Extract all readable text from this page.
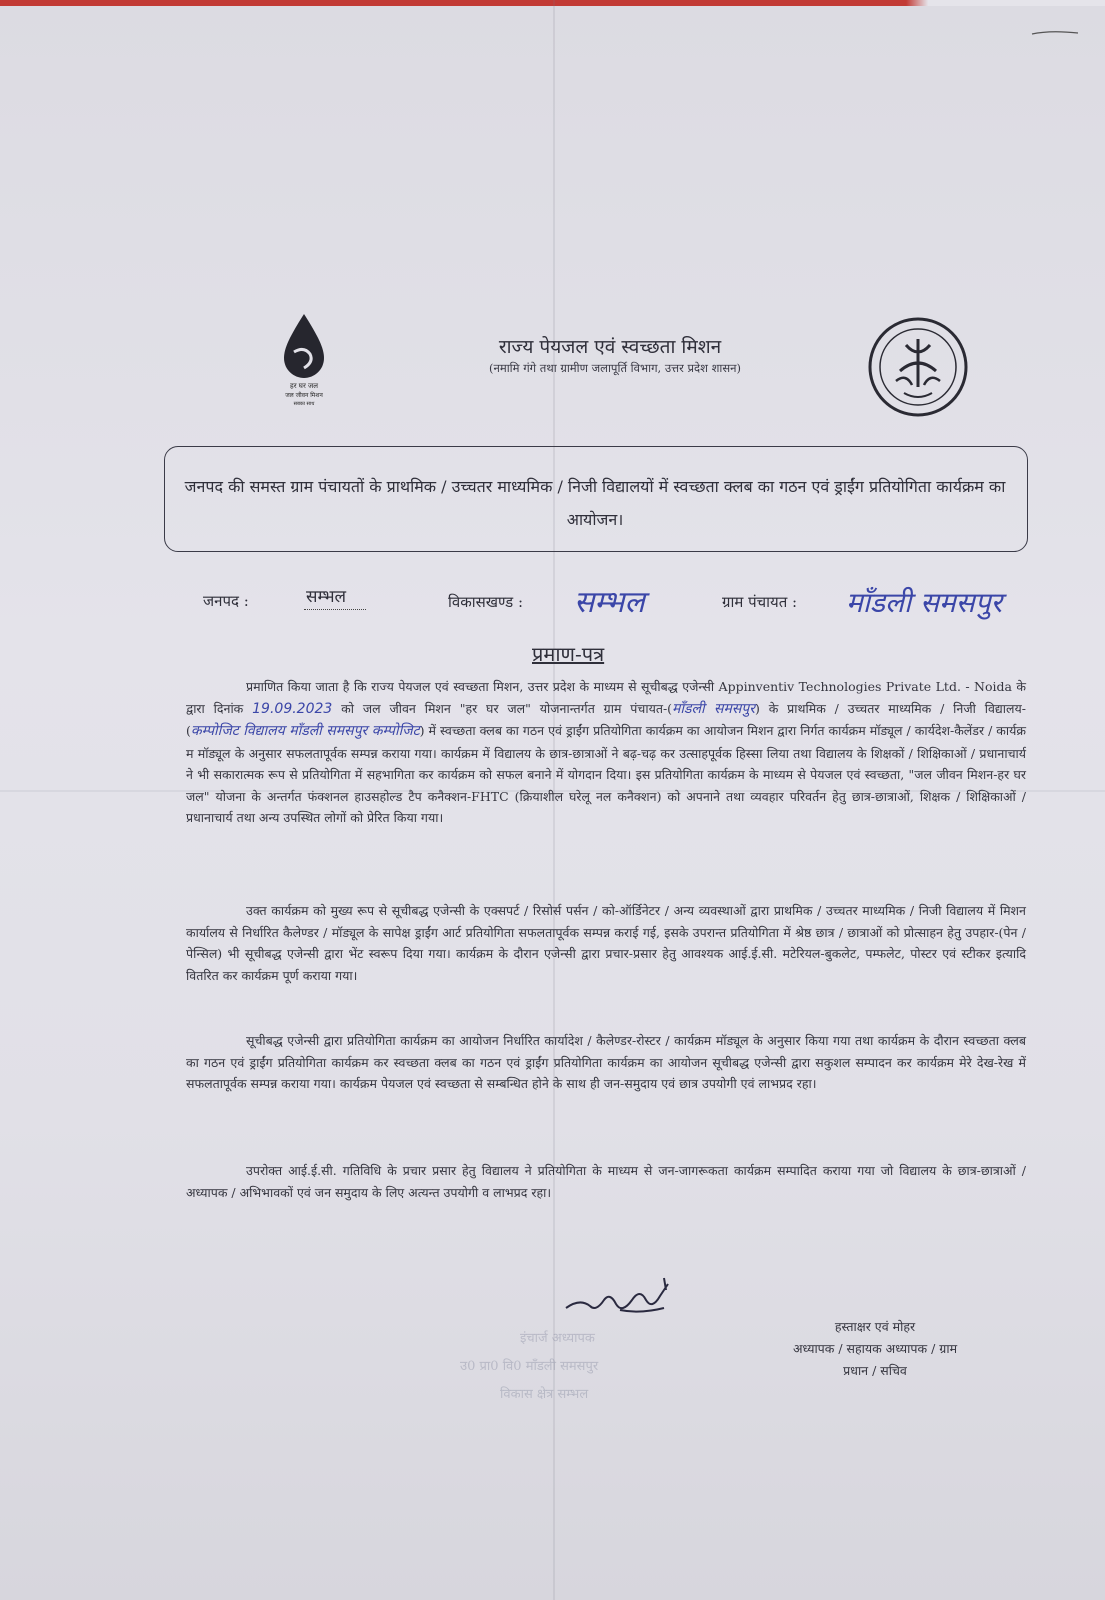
हर घर जल
जल जीवन मिशन
सबका साथ
राज्य पेयजल एवं स्वच्छता मिशन
(नमामि गंगे तथा ग्रामीण जलापूर्ति विभाग, उत्तर प्रदेश शासन)
जनपद की समस्त ग्राम पंचायतों के प्राथमिक / उच्चतर माध्यमिक / निजी विद्यालयों में स्वच्छता क्लब का गठन एवं ड्राईंग प्रतियोगिता कार्यक्रम का आयोजन।
जनपद :	सम्भल	विकासखण्ड : सम्भल	ग्राम पंचायत : मॉंडली समसपुर
प्रमाण-पत्र
प्रमाणित किया जाता है कि राज्य पेयजल एवं स्वच्छता मिशन, उत्तर प्रदेश के माध्यम से सूचीबद्ध एजेन्सी Appinventiv Technologies Private Ltd. - Noida के द्वारा दिनांक 19.09.2023 को जल जीवन मिशन "हर घर जल" योजनान्तर्गत ग्राम पंचायत-(मॉंडली समसपुर) के प्राथमिक / उच्चतर माध्यमिक / निजी विद्यालय-(कम्पोजिट विद्यालय मॉंडली समसपुर कम्पोजिट) में स्वच्छता क्लब का गठन एवं ड्राईंग प्रतियोगिता कार्यक्रम का आयोजन मिशन द्वारा निर्गत कार्यक्रम मॉड्यूल / कार्यदेश-कैलेंडर / कार्यक्र म मॉड्यूल के अनुसार सफलतापूर्वक सम्पन्न कराया गया। कार्यक्रम में विद्यालय के छात्र-छात्राओं ने बढ़-चढ़ कर उत्साहपूर्वक हिस्सा लिया तथा विद्यालय के शिक्षकों / शिक्षिकाओं / प्रधानाचार्य ने भी सकारात्मक रूप से प्रतियोगिता में सहभागिता कर कार्यक्रम को सफल बनाने में योगदान दिया। इस प्रतियोगिता कार्यक्रम के माध्यम से पेयजल एवं स्वच्छता, "जल जीवन मिशन-हर घर जल" योजना के अन्तर्गत फंक्शनल हाउसहोल्ड टैप कनैक्शन-FHTC (क्रियाशील घरेलू नल कनैक्शन) को अपनाने तथा व्यवहार परिवर्तन हेतु छात्र-छात्राओं, शिक्षक / शिक्षिकाओं / प्रधानाचार्य तथा अन्य उपस्थित लोगों को प्रेरित किया गया।
उक्त कार्यक्रम को मुख्य रूप से सूचीबद्ध एजेन्सी के एक्सपर्ट / रिसोर्स पर्सन / को-ऑर्डिनेटर / अन्य व्यवस्थाओं द्वारा प्राथमिक / उच्चतर माध्यमिक / निजी विद्यालय में मिशन कार्यालय से निर्धारित कैलेण्डर / मॉड्यूल के सापेक्ष ड्राईंग आर्ट प्रतियोगिता सफलतापूर्वक सम्पन्न कराई गई, इसके उपरान्त प्रतियोगिता में श्रेष्ठ छात्र / छात्राओं को प्रोत्साहन हेतु उपहार-(पेन / पेन्सिल) भी सूचीबद्ध एजेन्सी द्वारा भेंट स्वरूप दिया गया। कार्यक्रम के दौरान एजेन्सी द्वारा प्रचार-प्रसार हेतु आवश्यक आई.ई.सी. मटेरियल-बुकलेट, पम्फलेट, पोस्टर एवं स्टीकर इत्यादि वितरित कर कार्यक्रम पूर्ण कराया गया।
सूचीबद्ध एजेन्सी द्वारा प्रतियोगिता कार्यक्रम का आयोजन निर्धारित कार्यादेश / कैलेण्डर-रोस्टर / कार्यक्रम मॉड्यूल के अनुसार किया गया तथा कार्यक्रम के दौरान स्वच्छता क्लब का गठन एवं ड्राईंग प्रतियोगिता कार्यक्रम कर स्वच्छता क्लब का गठन एवं ड्राईंग प्रतियोगिता कार्यक्रम का आयोजन सूचीबद्ध एजेन्सी द्वारा सकुशल सम्पादन कर कार्यक्रम मेरे देख-रेख में सफलतापूर्वक सम्पन्न कराया गया। कार्यक्रम पेयजल एवं स्वच्छता से सम्बन्धित होने के साथ ही जन-समुदाय एवं छात्र उपयोगी एवं लाभप्रद रहा।
उपरोक्त आई.ई.सी. गतिविधि के प्रचार प्रसार हेतु विद्यालय ने प्रतियोगिता के माध्यम से जन-जागरूकता कार्यक्रम सम्पादित कराया गया जो विद्यालय के छात्र-छात्राओं / अध्यापक / अभिभावकों एवं जन समुदाय के लिए अत्यन्त उपयोगी व लाभप्रद रहा।
इंचार्ज अध्यापक
उ0 प्रा0 वि0 मॉंडली समसपुर
विकास क्षेत्र सम्भल
हस्ताक्षर एवं मोहर
अध्यापक / सहायक अध्यापक / ग्राम
प्रधान / सचिव
